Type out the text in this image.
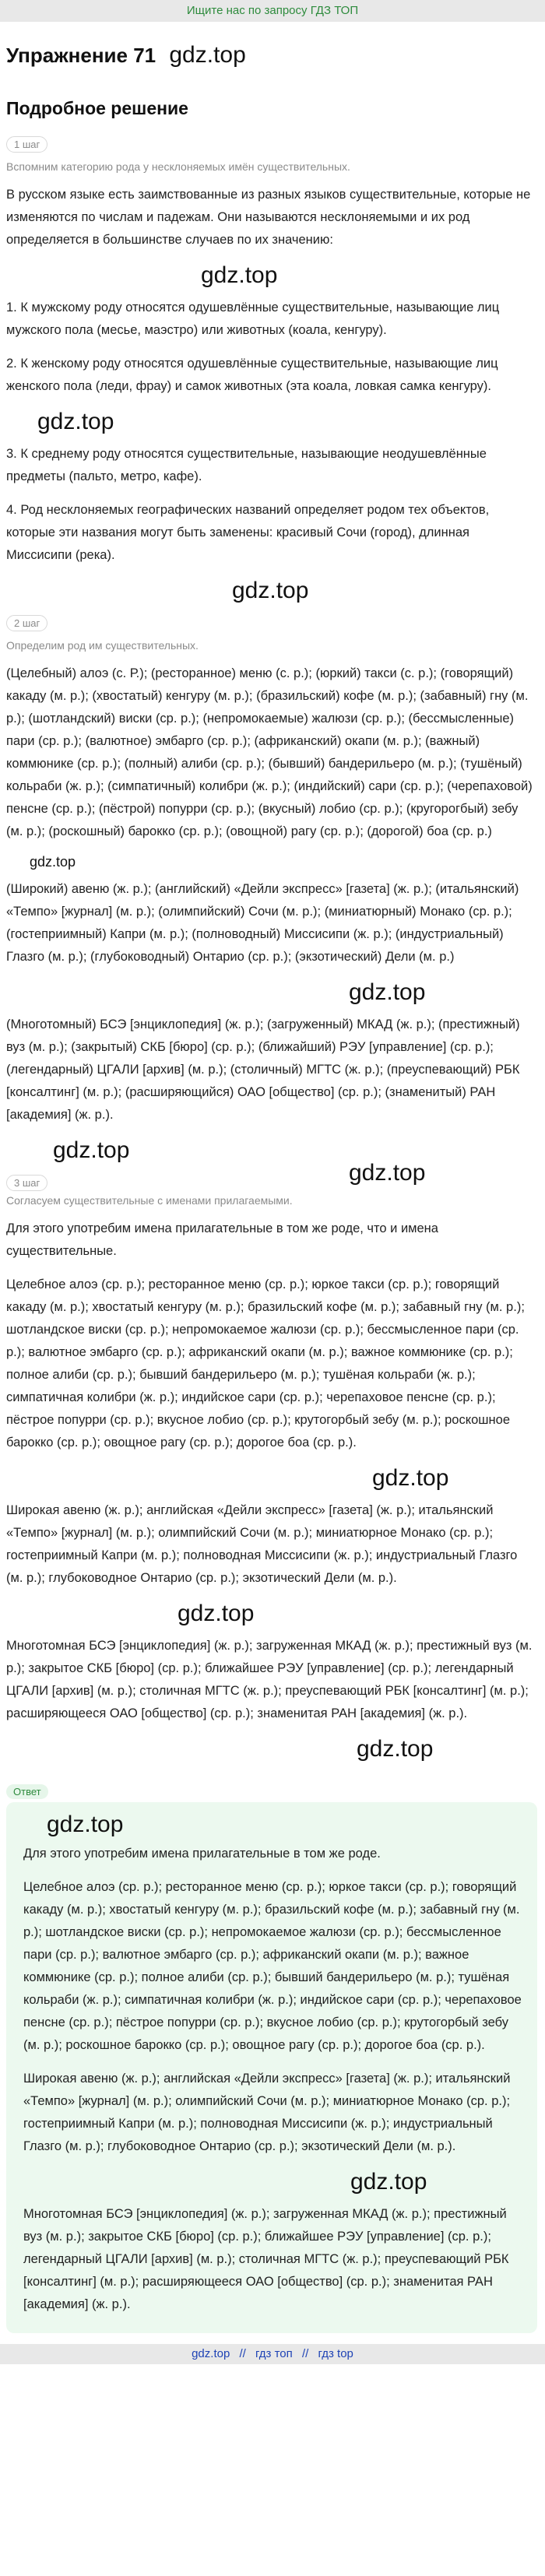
Ищите нас по запросу ГДЗ ТОП
Упражнение 71 gdz.top
Подробное решение
1 шаг
Вспомним категорию рода у несклоняемых имён существительных.

В русском языке есть заимствованные из разных языков существительные, которые не изменяются по числам и падежам. Они называются несклоняемыми и их род определяется в большинстве случаев по их значению:

gdz.top

1. К мужскому роду относятся одушевлённые существительные, называющие лиц мужского пола (месье, маэстро) или животных (коала, кенгуру).

2. К женскому роду относятся одушевлённые существительные, называющие лиц женского пола (леди, фрау) и самок животных (эта коала, ловкая самка кенгуру).

gdz.top

3. К среднему роду относятся существительные, называющие неодушевлённые предметы (пальто, метро, кафе).

4. Род несклоняемых географических названий определяет родом тех объектов, которые эти названия могут быть заменены: красивый Сочи (город), длинная Миссисипи (река).

gdz.top
2 шаг
Определим род им существительных.

(Целебный) алоэ (с. Р.); (ресторанное) меню (с. р.); (юркий) такси (с. р.); (говорящий) какаду (м. р.); (хвостатый) кенгуру (м. р.); (бразильский) кофе (м. р.); (забавный) гну (м. р.); (шотландский) виски (ср. р.); (непромокаемые) жалюзи (ср. р.); (бессмысленные) пари (ср. р.); (валютное) эмбарго (ср. р.); (африканский) окапи (м. р.); (важный) коммюнике (ср. р.); (полный) алиби (ср. р.); (бывший) бандерильеро (м. р.); (тушёный) кольраби (ж. р.); (симпатичный) колибри (ж. р.); (индийский) сари (ср. р.); (черепаховой) пенсне (ср. р.); (пёстрой) попурри (ср. р.); (вкусный) лобио (ср. р.); (кругорогбый) зебу (м. р.); (роскошный) барокко (ср. р.); (овощной) рагу (ср. р.); (дорогой) боа (ср. р.)

gdz.top

(Широкий) авеню (ж. р.); (английский) «Дейли экспресс» [газета] (ж. р.); (итальянский) «Темпо» [журнал] (м. р.); (олимпийский) Сочи (м. р.); (миниатюрный) Монако (ср. р.); (гостеприимный) Капри (м. р.); (полноводный) Миссисипи (ж. р.); (индустриальный) Глазго (м. р.); (глубоководный) Онтарио (ср. р.); (экзотический) Дели (м. р.)

gdz.top

(Многотомный) БСЭ [энциклопедия] (ж. р.); (загруженный) МКАД (ж. р.); (престижный) вуз (м. р.); (закрытый) СКБ [бюро] (ср. р.); (ближайший) РЭУ [управление] (ср. р.); (легендарный) ЦГАЛИ [архив] (м. р.); (столичный) МГТС (ж. р.); (преуспевающий) РБК [консалтинг] (м. р.); (расширяющийся) ОАО [общество] (ср. р.); (знаменитый) РАН [академия] (ж. р.).

gdz.top
3 шаг	gdz.top
Согласуем существительные с именами прилагаемыми.

Для этого употребим имена прилагательные в том же роде, что и имена существительные.

Целебное алоэ (ср. р.); ресторанное меню (ср. р.); юркое такси (ср. р.); говорящий какаду (м. р.); хвостатый кенгуру (м. р.); бразильский кофе (м. р.); забавный гну (м. р.); шотландское виски (ср. р.); непромокаемое жалюзи (ср. р.); бессмысленное пари (ср. р.); валютное эмбарго (ср. р.); африканский окапи (м. р.); важное коммюнике (ср. р.); полное алиби (ср. р.); бывший бандерильеро (м. р.); тушёная кольраби (ж. р.); симпатичная колибри (ж. р.); индийское сари (ср. р.); черепаховое пенсне (ср. р.); пёстрое попурри (ср. р.); вкусное лобио (ср. р.); крутогорбый зебу (м. р.); роскошное барокко (ср. р.); овощное рагу (ср. р.); дорогое боа (ср. р.).

gdz.top

Широкая авеню (ж. р.); английская «Дейли экспресс» [газета] (ж. р.); итальянский «Темпо» [журнал] (м. р.); олимпийский Сочи (м. р.); миниатюрное Монако (ср. р.); гостеприимный Капри (м. р.); полноводная Миссисипи (ж. р.); индустриальный Глазго (м. р.); глубоководное Онтарио (ср. р.); экзотический Дели (м. р.).

gdz.top

Многотомная БСЭ [энциклопедия] (ж. р.); загруженная МКАД (ж. р.); престижный вуз (м. р.); закрытое СКБ [бюро] (ср. р.); ближайшее РЭУ [управление] (ср. р.); легендарный ЦГАЛИ [архив] (м. р.); столичная МГТС (ж. р.); преуспевающий РБК [консалтинг] (м. р.); расширяющееся ОАО [общество] (ср. р.); знаменитая РАН [академия] (ж. р.).

gdz.top
Ответ
gdz.top

Для этого употребим имена прилагательные в том же роде.

Целебное алоэ (ср. р.); ресторанное меню (ср. р.); юркое такси (ср. р.); говорящий какаду (м. р.); хвостатый кенгуру (м. р.); бразильский кофе (м. р.); забавный гну (м. р.); шотландское виски (ср. р.); непромокаемое жалюзи (ср. р.); бессмысленное пари (ср. р.); валютное эмбарго (ср. р.); африканский окапи (м. р.); важное коммюнике (ср. р.); полное алиби (ср. р.); бывший бандерильеро (м. р.); тушёная кольраби (ж. р.); симпатичная колибри (ж. р.); индийское сари (ср. р.); черепаховое пенсне (ср. р.); пёстрое попурри (ср. р.); вкусное лобио (ср. р.); крутогорбый зебу (м. р.); роскошное барокко (ср. р.); овощное рагу (ср. р.); дорогое боа (ср. р.).

Широкая авеню (ж. р.); английская «Дейли экспресс» [газета] (ж. р.); итальянский «Темпо» [журнал] (м. р.); олимпийский Сочи (м. р.); миниатюрное Монако (ср. р.); гостеприимный Капри (м. р.); полноводная Миссисипи (ж. р.); индустриальный Глазго (м. р.); глубоководное Онтарио (ср. р.); экзотический Дели (м. р.).

gdz.top

Многотомная БСЭ [энциклопедия] (ж. р.); загруженная МКАД (ж. р.); престижный вуз (м. р.); закрытое СКБ [бюро] (ср. р.); ближайшее РЭУ [управление] (ср. р.); легендарный ЦГАЛИ [архив] (м. р.); столичная МГТС (ж. р.); преуспевающий РБК [консалтинг] (м. р.); расширяющееся ОАО [общество] (ср. р.); знаменитая РАН [академия] (ж. р.).

gdz.top // гдз топ // гдз top
